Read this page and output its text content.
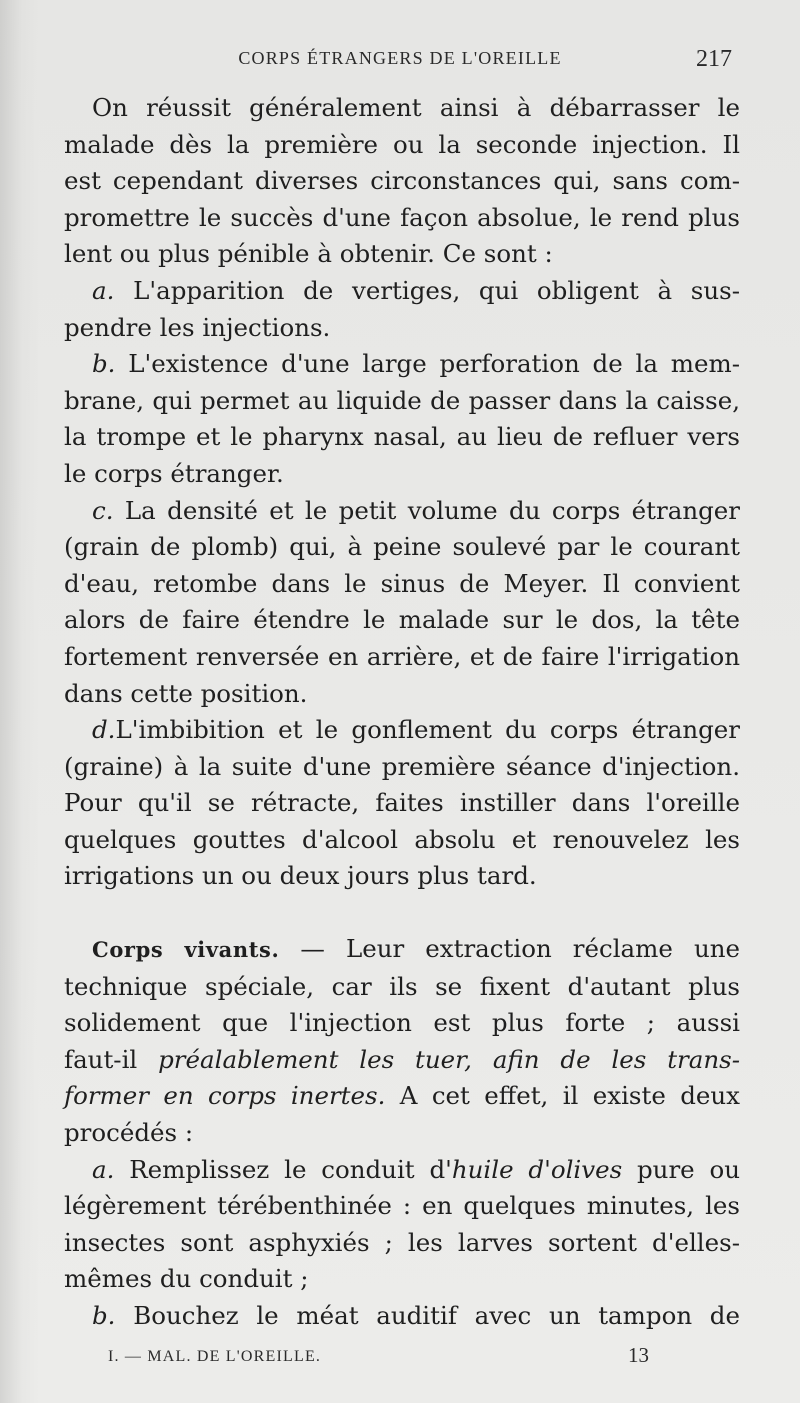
CORPS ÉTRANGERS DE L'OREILLE	217
On réussit généralement ainsi à débarrasser le
malade dès la première ou la seconde injection. Il
est cependant diverses circonstances qui, sans com-
promettre le succès d'une façon absolue, le rend plus
lent ou plus pénible à obtenir. Ce sont :
a. L'apparition de vertiges, qui obligent à sus-
pendre les injections.
b. L'existence d'une large perforation de la mem-
brane, qui permet au liquide de passer dans la caisse,
la trompe et le pharynx nasal, au lieu de refluer vers
le corps étranger.
c. La densité et le petit volume du corps étranger
(grain de plomb) qui, à peine soulevé par le courant
d'eau, retombe dans le sinus de Meyer. Il convient
alors de faire étendre le malade sur le dos, la tête
fortement renversée en arrière, et de faire l'irrigation
dans cette position.
d.L'imbibition et le gonflement du corps étranger
(graine) à la suite d'une première séance d'injection.
Pour qu'il se rétracte, faites instiller dans l'oreille
quelques gouttes d'alcool absolu et renouvelez les
irrigations un ou deux jours plus tard.
Corps vivants. — Leur extraction réclame une
technique spéciale, car ils se fixent d'autant plus
solidement que l'injection est plus forte ; aussi
faut-il préalablement les tuer, afin de les trans-
former en corps inertes. A cet effet, il existe deux
procédés :
a. Remplissez le conduit d'huile d'olives pure ou
légèrement térébenthinée : en quelques minutes, les
insectes sont asphyxiés ; les larves sortent d'elles-
mêmes du conduit ;
b. Bouchez le méat auditif avec un tampon de
I. — MAL. DE L'OREILLE.	13
